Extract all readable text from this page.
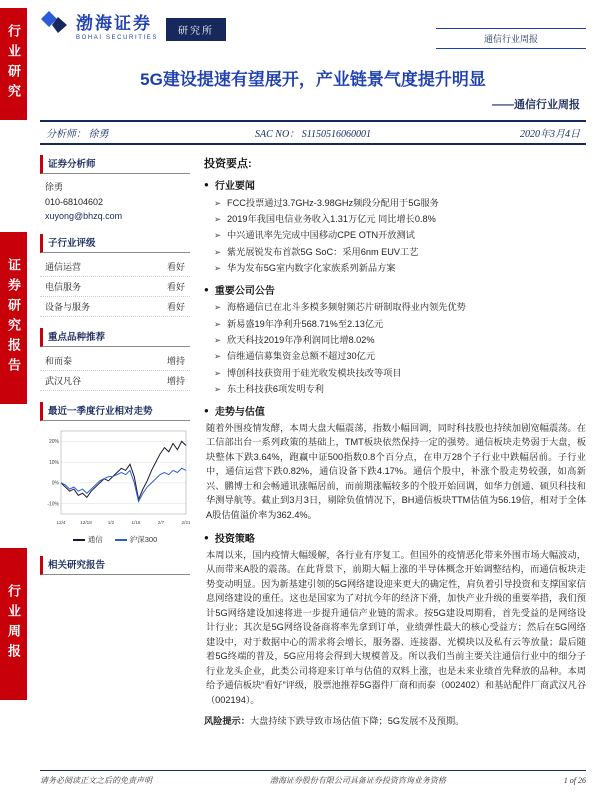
行业研究
证券研究报告
行业周报
渤海证券
BOHAI SECURITIES
研究所
通信行业周报
5G建设提速有望展开，产业链景气度提升明显
——通信行业周报
分析师： 徐勇	SAC NO： S1150516060001	2020年3月4日
证券分析师
徐勇
010-68104602
xuyong@bhzq.com
子行业评级
通信运营	看好
电信服务	看好
设备与服务	看好
重点品种推荐
和而泰	增持
武汉凡谷	增持
最近一季度行业相对走势
20%
10%
0%
-10%
12/4	12/18	1/2	1/16	2/7	2/21
通信	沪深300
相关研究报告
投资要点:
● 行业要闻
➢ FCC投票通过3.7GHz-3.98GHz频段分配用于5G服务
➢ 2019年我国电信业务收入1.31万亿元 同比增长0.8%
➢ 中兴通讯率先完成中国移动CPE OTN开放测试
➢ 紫光展锐发布首款5G SoC：采用6nm EUV工艺
➢ 华为发布5G室内数字化家族系列新品方案
● 重要公司公告
➢ 海格通信已在北斗多模多频射频芯片研制取得业内领先优势
➢ 新易盛19年净利升568.71%至2.13亿元
➢ 欣天科技2019年净利润同比增8.02%
➢ 信维通信募集资金总额不超过30亿元
➢ 博创科技获资用于硅光收发模块技改等项目
➢ 东土科技获6项发明专利
● 走势与估值
随着外围疫情发酵，本周大盘大幅震荡，指数小幅回调，同时科技股也持续加剧宽幅震荡。在工信部出台一系列政策的基础上，TMT板块依然保持一定的强势。通信板块走势弱于大盘，板块整体下跌3.64%，跑赢中证500指数0.8个百分点，在申万28个子行业中跌幅居前。子行业中，通信运营下跌0.82%，通信设备下跌4.17%。通信个股中，补涨个股走势较强，如高新兴、鹏博士和会畅通讯涨幅居前，而前期涨幅较多的个股开始回调，如华力创通、硕贝科技和华测导航等。截止到3月3日，剔除负值情况下，BH通信板块TTM估值为56.19倍，相对于全体A股估值溢价率为362.4%。
● 投资策略
本周以来，国内疫情大幅缓解，各行业有序复工。但国外的疫情恶化带来外围市场大幅波动，从而带来A股的震荡。在此背景下，前期大幅上涨的半导体概念开始调整结构，而通信板块走势变动明显。因为新基建引领的5G网络建设迎来更大的确定性，肩负着引导投资和支撑国家信息网络建设的重任。这也是国家为了对抗今年的经济下滑，加快产业升级的重要举措，我们预计5G网络建设加速将进一步提升通信产业链的需求。按5G建设周期看，首先受益的是网络设计行业；其次是5G网络设备商将率先拿到订单，业绩弹性最大的核心受益方；然后在5G网络建设中，对于数据中心的需求将会增长，服务器、连接器、光模块以及私有云等放量；最后随着5G终端的普及，5G应用将会得到大规模普及。所以我们当前主要关注通信行业中的细分子行业龙头企业，此类公司将迎来订单与估值的双料上涨，也是未来业绩首先释放的品种。本周给予通信板块“看好”评级，股票池推荐5G器件厂商和而泰（002402）和基站配件厂商武汉凡谷（002194）。
风险提示：大盘持续下跌导致市场估值下降；5G发展不及预期。
请务必阅读正文之后的免责声明	渤海证券股份有限公司具备证券投资咨询业务资格	1 of 26
